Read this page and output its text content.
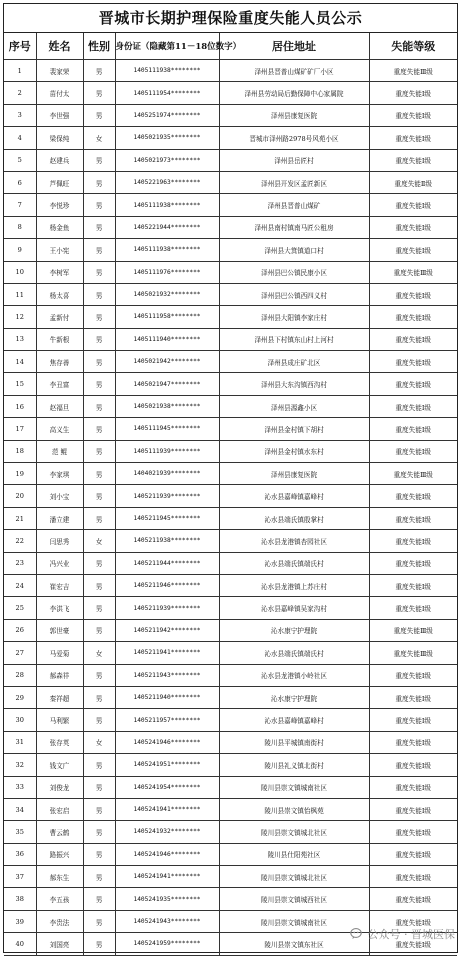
晋城市长期护理保险重度失能人员公示
序号	姓名	性别	身份证（隐藏第11－18位数字）	居住地址	失能等级
1	裴家荣	男	1405111938********	泽州县晋普山煤矿矿厂小区	重度失能Ⅲ级
2	苗付太	男	1405111954********	泽州县劳动局后勤保障中心家属院	重度失能Ⅰ级
3	李世强	男	1405251974********	泽州县康复医院	重度失能Ⅰ级
4	梁保纯	女	1405021935********	晋城市泽州路2978号风苑小区	重度失能Ⅰ级
5	赵建兵	男	1405021973********	泽州县岳匠村	重度失能Ⅰ级
6	芦佩旺	男	1405221963********	泽州县开发区孟匠新区	重度失能Ⅱ级
7	李悦珍	男	1405111938********	泽州县晋普山煤矿	重度失能Ⅰ级
8	杨金鱼	男	1405221944********	泽州县南村镇南马匠公租房	重度失能Ⅰ级
9	王小宪	男	1405111938********	泽州县大箕镇道口村	重度失能Ⅰ级
10	李树军	男	1405111976********	泽州县巴公镇民康小区	重度失能Ⅲ级
11	杨太喜	男	1405021932********	泽州县巴公镇西四义村	重度失能Ⅰ级
12	孟新付	男	1405111958********	泽州县大阳镇李家庄村	重度失能Ⅰ级
13	牛新根	男	1405111940********	泽州县下村镇东山村上河村	重度失能Ⅰ级
14	焦存善	男	1405021942********	泽州县成庄矿北区	重度失能Ⅰ级
15	李丑富	男	1405021947********	泽州县大东沟镇西沟村	重度失能Ⅰ级
16	赵福旦	男	1405021938********	泽州县源鑫小区	重度失能Ⅰ级
17	高义生	男	1405111945********	泽州县金村镇下胡村	重度失能Ⅰ级
18	范 鲲	男	1405111939********	泽州县金村镇水东村	重度失能Ⅰ级
19	李家琪	男	1404021939********	泽州县康复医院	重度失能Ⅲ级
20	刘小宝	男	1405211939********	沁水县嘉峰镇嘉峰村	重度失能Ⅰ级
21	潘立建	男	1405211945********	沁水县端氏镇殷掌村	重度失能Ⅰ级
22	闫思秀	女	1405211938********	沁水县龙港镇杏园社区	重度失能Ⅰ级
23	冯兴业	男	1405211944********	沁水县端氏镇端氏村	重度失能Ⅰ级
24	崔宏吉	男	1405211946********	沁水县龙港镇上苏庄村	重度失能Ⅰ级
25	李洪飞	男	1405211939********	沁水县嘉峰镇吴家沟村	重度失能Ⅰ级
26	郭世豪	男	1405211942********	沁水康宁护理院	重度失能Ⅲ级
27	马爱菊	女	1405211941********	沁水县端氏镇端氏村	重度失能Ⅲ级
28	郝森祥	男	1405211943********	沁水县龙港镇小岭社区	重度失能Ⅰ级
29	秦祥超	男	1405211940********	沁水康宁护理院	重度失能Ⅰ级
30	马利繁	男	1405211957********	沁水县嘉峰镇嘉峰村	重度失能Ⅰ级
31	张存英	女	1405241946********	陵川县平城镇南街村	重度失能Ⅰ级
32	钱文广	男	1405241951********	陵川县礼义镇北街村	重度失能Ⅰ级
33	刘俊龙	男	1405241954********	陵川县崇文镇城南社区	重度失能Ⅰ级
34	张宏启	男	1405241941********	陵川县崇文镇怡枫苑	重度失能Ⅰ级
35	曹云鹤	男	1405241932********	陵川县崇文镇城北社区	重度失能Ⅰ级
36	路振兴	男	1405241946********	陵川县仕阳苑社区	重度失能Ⅰ级
37	郝东生	男	1405241941********	陵川县崇文镇城北社区	重度失能Ⅰ级
38	李五孩	男	1405241935********	陵川县崇文镇城西社区	重度失能Ⅰ级
39	李贵法	男	1405241943********	陵川县崇文镇城南社区	重度失能Ⅰ级
40	刘国亮	男	1405241959********	陵川县崇文镇东社区	重度失能Ⅰ级
公众号 · 晋城医保
